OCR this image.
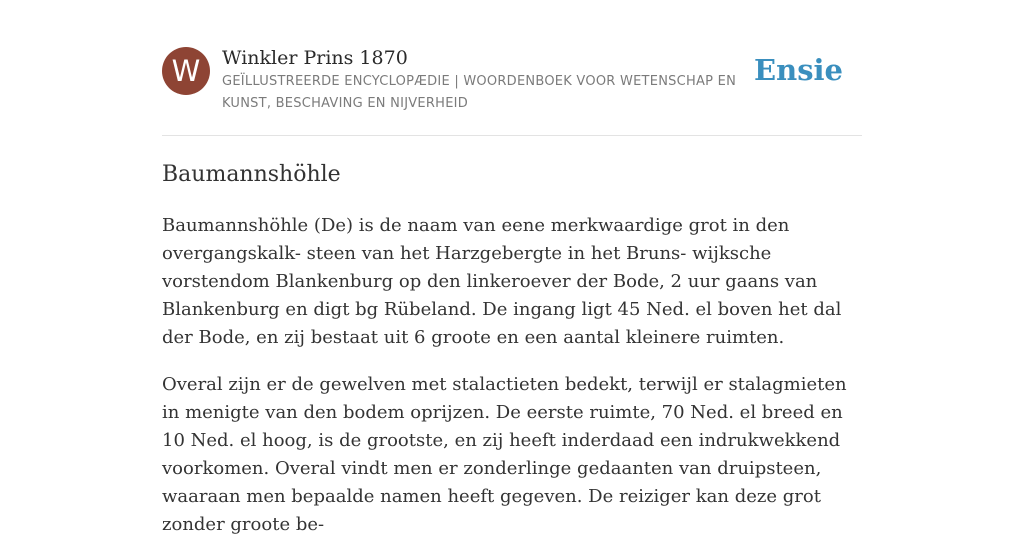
W	Winkler Prins 1870
GEÏLLUSTREERDE ENCYCLOPÆDIE | WOORDENBOEK VOOR WETENSCHAP EN KUNST, BESCHAVING EN NIJVERHEID
Ensie
Baumannshöhle

Baumannshöhle (De) is de naam van eene merkwaardige grot in den overgangskalk- steen van het Harzgebergte in het Bruns- wijksche vorstendom Blankenburg op den linkeroever der Bode, 2 uur gaans van Blankenburg en digt bg Rübeland. De ingang ligt 45 Ned. el boven het dal der Bode, en zij bestaat uit 6 groote en een aantal kleinere ruimten.

Overal zijn er de gewelven met stalactieten bedekt, terwijl er stalagmieten in menigte van den bodem oprijzen. De eerste ruimte, 70 Ned. el breed en 10 Ned. el hoog, is de grootste, en zij heeft inderdaad een indrukwekkend voorkomen. Overal vindt men er zonderlinge gedaanten van druipsteen, waaraan men bepaalde namen heeft gegeven. De reiziger kan deze grot zonder groote be-
